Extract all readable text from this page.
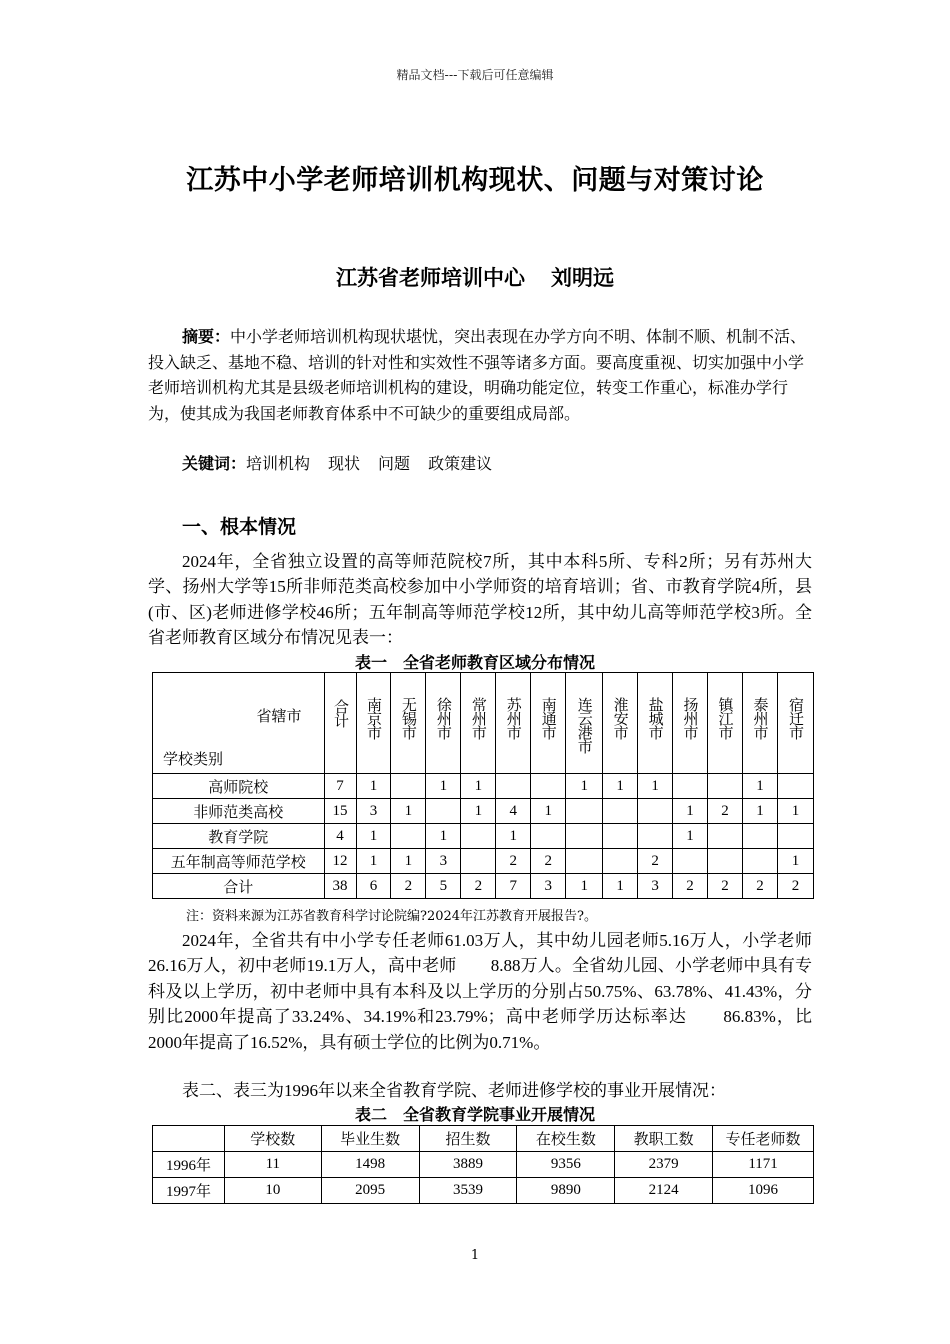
精品文档---下载后可任意编辑
江苏中小学老师培训机构现状、问题与对策讨论
江苏省老师培训中心 刘明远
摘要：中小学老师培训机构现状堪忧，突出表现在办学方向不明、体制不顺、机制不活、投入缺乏、基地不稳、培训的针对性和实效性不强等诸多方面。要高度重视、切实加强中小学老师培训机构尤其是县级老师培训机构的建设，明确功能定位，转变工作重心，标准办学行为，使其成为我国老师教育体系中不可缺少的重要组成局部。
关键词：培训机构 现状 问题 政策建议
一、根本情况
2024年，全省独立设置的高等师范院校7所，其中本科5所、专科2所；另有苏州大学、扬州大学等15所非师范类高校参加中小学师资的培育培训；省、市教育学院4所，县(市、区)老师进修学校46所；五年制高等师范学校12所，其中幼儿高等师范学校3所。全省老师教育区域分布情况见表一：
表一　全省老师教育区域分布情况
省辖市
学校类别	合计	南京市	无锡市	徐州市	常州市	苏州市	南通市	连云港市	淮安市	盐城市	扬州市	镇江市	泰州市	宿迁市
高师院校	7	1		1	1			1	1	1			1	
非师范类高校	15	3	1		1	4	1				1	2	1	1
教育学院	4	1		1		1					1			
五年制高等师范学校	12	1	1	3		2	2			2				1
合计	38	6	2	5	2	7	3	1	1	3	2	2	2	2
注：资料来源为江苏省教育科学讨论院编?2024年江苏教育开展报告?。
2024年，全省共有中小学专任老师61.03万人，其中幼儿园老师5.16万人，小学老师26.16万人，初中老师19.1万人，高中老师　　8.88万人。全省幼儿园、小学老师中具有专科及以上学历，初中老师中具有本科及以上学历的分别占50.75%、63.78%、41.43%，分别比2000年提高了33.24%、34.19%和23.79%；高中老师学历达标率达　　86.83%，比2000年提高了16.52%，具有硕士学位的比例为0.71%。
表二、表三为1996年以来全省教育学院、老师进修学校的事业开展情况：
表二　全省教育学院事业开展情况
	学校数	毕业生数	招生数	在校生数	教职工数	专任老师数
1996年	11	1498	3889	9356	2379	1171
1997年	10	2095	3539	9890	2124	1096
1
